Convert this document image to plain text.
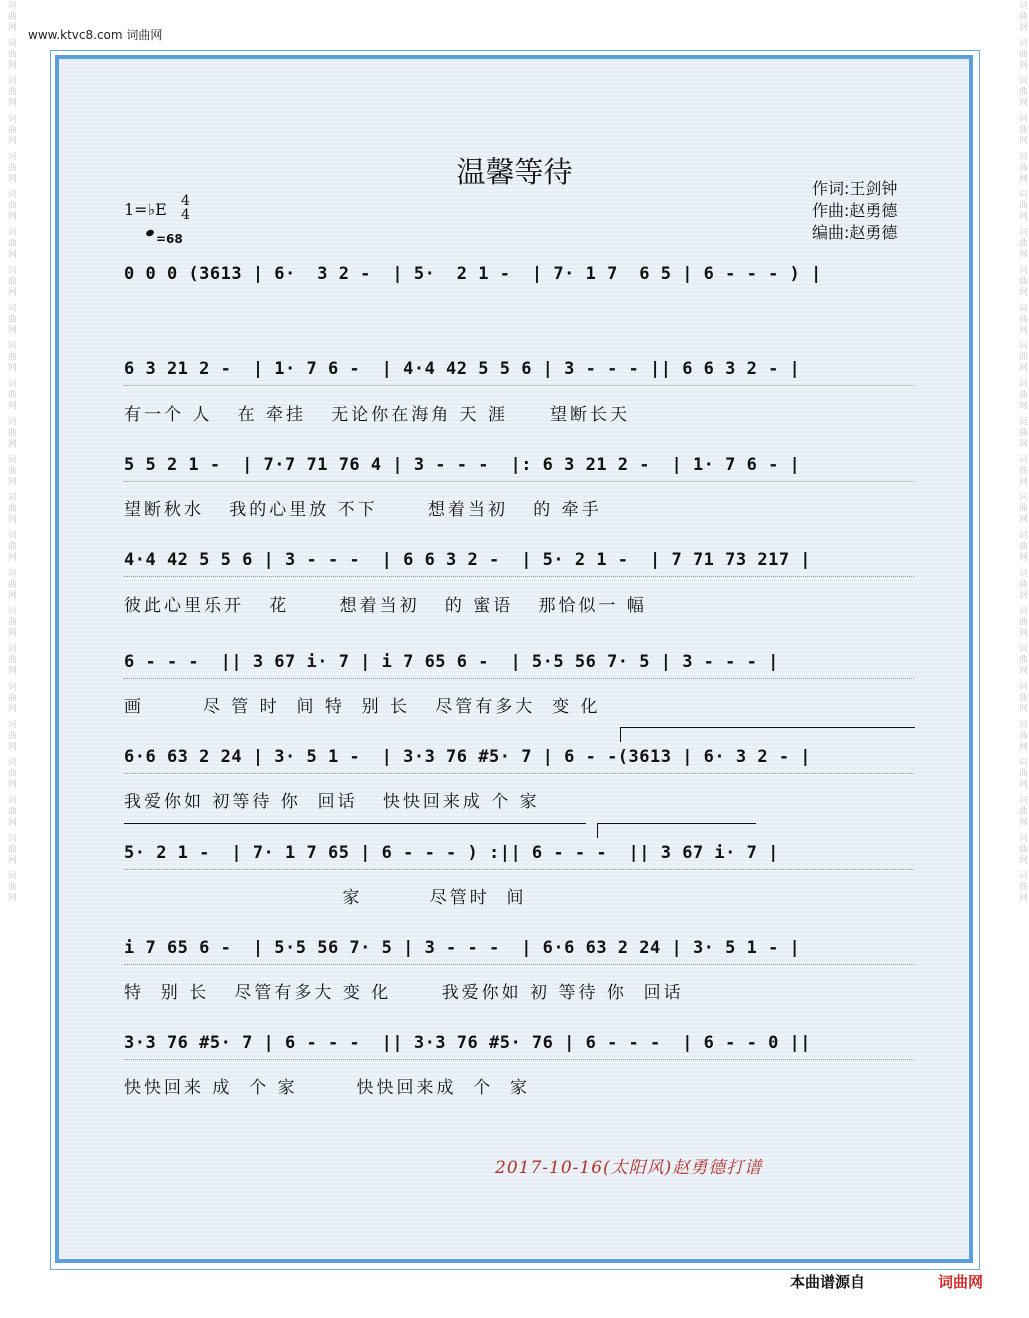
词曲网 词曲网 词曲网 词曲网 词曲网 词曲网 词曲网 词曲网 词曲网 词曲网 词曲网 词曲网 词曲网 词曲网 词曲网 词曲网 词曲网 词曲网 词曲网 词曲网 词曲网 词曲网 词曲网 词曲网	词曲网 词曲网 词曲网 词曲网 词曲网 词曲网 词曲网 词曲网 词曲网 词曲网 词曲网 词曲网 词曲网 词曲网 词曲网 词曲网 词曲网 词曲网 词曲网 词曲网 词曲网 词曲网 词曲网 词曲网
www.ktvc8.com 词曲网
温馨等待	作词:王剑钟
作曲:赵勇德
编曲:赵勇德
1=♭E 4
4
=68
0 0 0 (3613 | 6·  3 2 -  | 5·  2 1 -  | 7· 1 7  6 5 | 6 - - - ) |
6 3 21 2 -  | 1· 7 6 -  | 4·4 42 5 5 6 | 3 - - - || 6 6 3 2 - |
有一个 人   在 牵挂   无论你在海角 天 涯     望断长天
5 5 2 1 -  | 7·7 71 76 4 | 3 - - -  |: 6 3 21 2 -  | 1· 7 6 - |
望断秋水   我的心里放 不下      想着当初   的 牵手
4·4 42 5 5 6 | 3 - - -  | 6 6 3 2 -  | 5· 2 1 -  | 7 71 73 217 |
彼此心里乐开   花      想着当初   的 蜜语   那恰似一 幅
6 - - -  || 3 67 i· 7 | i 7 65 6 -  | 5·5 56 7· 5 | 3 - - - |
画       尽 管 时  间 特  别 长   尽管有多大  变 化
6·6 63 2 24 | 3· 5 1 -  | 3·3 76 #5· 7 | 6 - -(3613 | 6· 3 2 - |
我爱你如 初等待 你  回话   快快回来成 个 家
5· 2 1 -  | 7· 1 7 65 | 6 - - - ) :|| 6 - - -  || 3 67 i· 7 |
家        尽管时  间
i 7 65 6 -  | 5·5 56 7· 5 | 3 - - -  | 6·6 63 2 24 | 3· 5 1 - |
特  别 长   尽管有多大 变 化      我爱你如 初 等待 你  回话
3·3 76 #5· 7 | 6 - - -  || 3·3 76 #5· 76 | 6 - - -  | 6 - - 0 ||
快快回来 成  个 家       快快回来成  个  家
2017-10-16(太阳风)赵勇德打谱
本曲谱源自	词曲网
